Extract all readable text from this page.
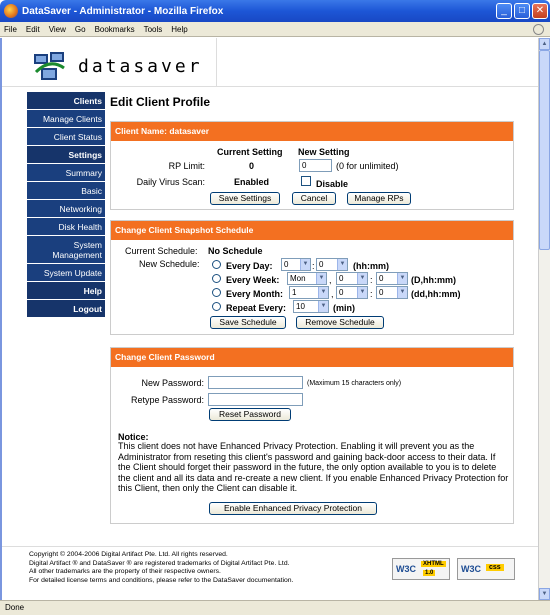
DataSaver - Administrator - Mozilla Firefox	_	□	✕
File Edit View Go Bookmarks Tools Help
datasaver
Clients
Manage Clients
Client Status
Settings
Summary
Basic
Networking
Disk Health
System Management
System Update
Help
Logout
Edit Client Profile
Client Name: datasaver
Current Setting New Setting
RP Limit:	0	0	(0 for unlimited)
Daily Virus Scan:	Enabled	Disable
Save Settings	Cancel	Manage RPs
Change Client Snapshot Schedule
Current Schedule: No Schedule
New Schedule:	Every Day:	0	▼ : 0	▼ (hh:mm)
Every Week:	Mon	▼ , 0	▼ : 0	▼ (D,hh:mm)
Every Month:	1	▼ , 0	▼ : 0	▼ (dd,hh:mm)
Repeat Every:	10	▼ (min)
Save Schedule	Remove Schedule
Change Client Password
New Password:	(Maximum 15 characters only)
Retype Password:
Reset Password
Notice:
This client does not have Enhanced Privacy Protection. Enabling it will prevent you as the Administrator from reseting this client's password and gaining back-door access to their data. If the Client should forget their password in the future, the only option available to you is to delete the client and all its data and re-create a new client. If you enable Enhanced Privacy Protection for this Client, then only the Client can disable it.
Enable Enhanced Privacy Protection
Copyright © 2004-2006 Digital Artifact Pte. Ltd. All rights reserved.
Digital Artifact ® and DataSaver ® are registered trademarks of Digital Artifact Pte. Ltd.
All other trademarks are the property of their respective owners.
For detailed license terms and conditions, please refer to the DataSaver documentation.
W3C	XHTML
1.0	W3C	css
▲
▼
Done
